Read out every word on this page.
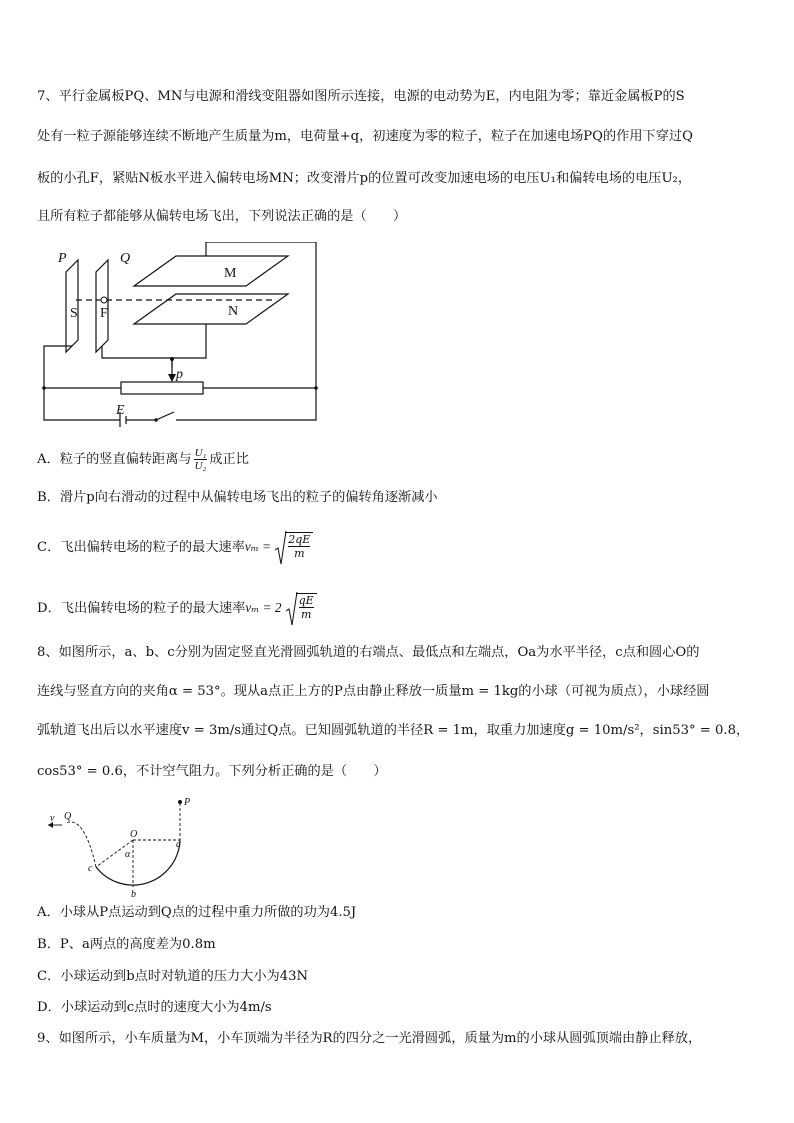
7、平行金属板PQ、MN与电源和滑线变阻器如图所示连接，电源的电动势为E，内电阻为零；靠近金属板P的S
处有一粒子源能够连续不断地产生质量为m，电荷量+q，初速度为零的粒子，粒子在加速电场PQ的作用下穿过Q
板的小孔F，紧贴N板水平进入偏转电场MN；改变滑片p的位置可改变加速电场的电压U₁和偏转电场的电压U₂，
且所有粒子都能够从偏转电场飞出，下列说法正确的是（　　）
P	Q
M
N
S F
p
E
A．粒子的竖直偏转距离与 $\frac{\text{U₁}}{\text{U₂}}$ 成正比
B．滑片p向右滑动的过程中从偏转电场飞出的粒子的偏转角逐渐减小
C．飞出偏转电场的粒子的最大速率$v_m = \frac{2qE}{m}$
D．飞出偏转电场的粒子的最大速率$v_m = 2 \frac{qE}{m}$
8、如图所示，a、b、c分别为固定竖直光滑圆弧轨道的右端点、最低点和左端点，Oa为水平半径，c点和圆心O的
连线与竖直方向的夹角α = 53°。现从a点正上方的P点由静止释放一质量m = 1kg的小球（可视为质点），小球经圆
弧轨道飞出后以水平速度v = 3m/s通过Q点。已知圆弧轨道的半径R = 1m，取重力加速度g = 10m/s²，sin53° = 0.8，
cos53° = 0.6，不计空气阻力。下列分析正确的是（　　）
v Q
O
P
a
α
c
b
A．小球从P点运动到Q点的过程中重力所做的功为4.5J
B．P、a两点的高度差为0.8m
C．小球运动到b点时对轨道的压力大小为43N
D．小球运动到c点时的速度大小为4m/s
9、如图所示，小车质量为M，小车顶端为半径为R的四分之一光滑圆弧，质量为m的小球从圆弧顶端由静止释放，
